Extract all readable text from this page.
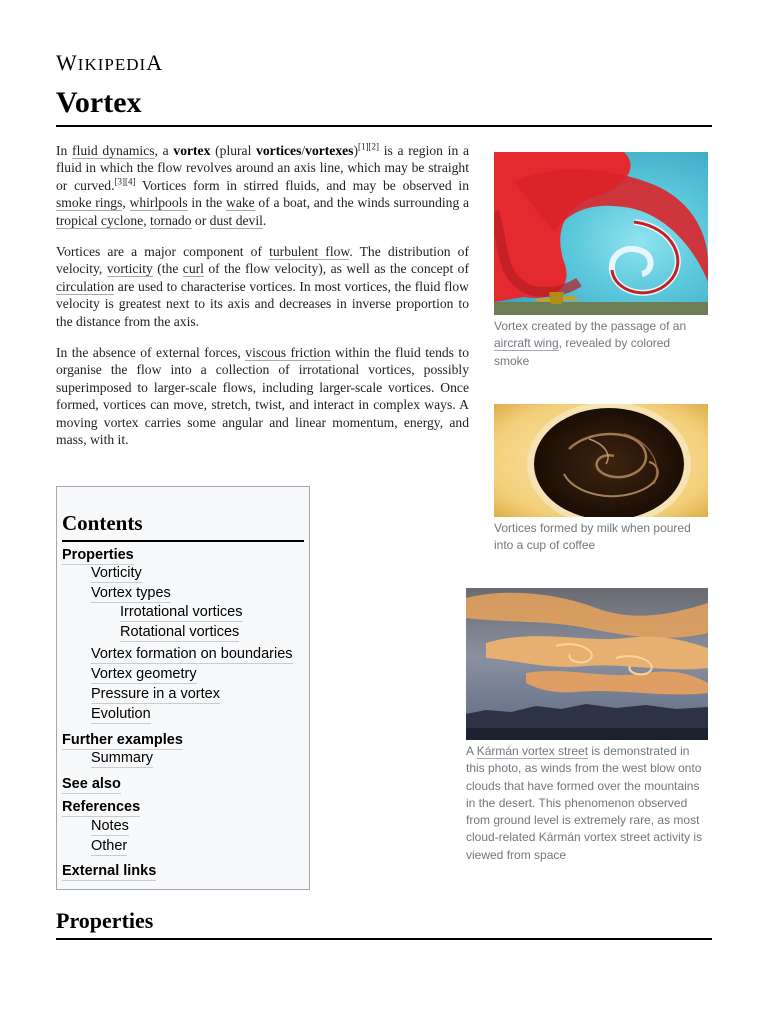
WIKIPEDIA
Vortex

In fluid dynamics, a vortex (plural vortices/vortexes)[1][2] is a region in a fluid in which the flow revolves around an axis line, which may be straight or curved.[3][4] Vortices form in stirred fluids, and may be observed in smoke rings, whirlpools in the wake of a boat, and the winds surrounding a tropical cyclone, tornado or dust devil.

Vortices are a major component of turbulent flow. The distribution of velocity, vorticity (the curl of the flow velocity), as well as the concept of circulation are used to characterise vortices. In most vortices, the fluid flow velocity is greatest next to its axis and decreases in inverse proportion to the distance from the axis.

In the absence of external forces, viscous friction within the fluid tends to organise the flow into a collection of irrotational vortices, possibly superimposed to larger-scale flows, including larger-scale vortices. Once formed, vortices can move, stretch, twist, and interact in complex ways. A moving vortex carries some angular and linear momentum, energy, and mass, with it.

Vortex created by the passage of an aircraft wing, revealed by colored smoke
Vortices formed by milk when poured into a cup of coffee
A Kármán vortex street is demonstrated in this photo, as winds from the west blow onto clouds that have formed over the mountains in the desert. This phenomenon observed from ground level is extremely rare, as most cloud-related Kármán vortex street activity is viewed from space
Contents
Properties
Vorticity
Vortex types
Irrotational vortices
Rotational vortices
Vortex formation on boundaries
Vortex geometry
Pressure in a vortex
Evolution
Further examples
Summary
See also
References
Notes
Other
External links
Properties
